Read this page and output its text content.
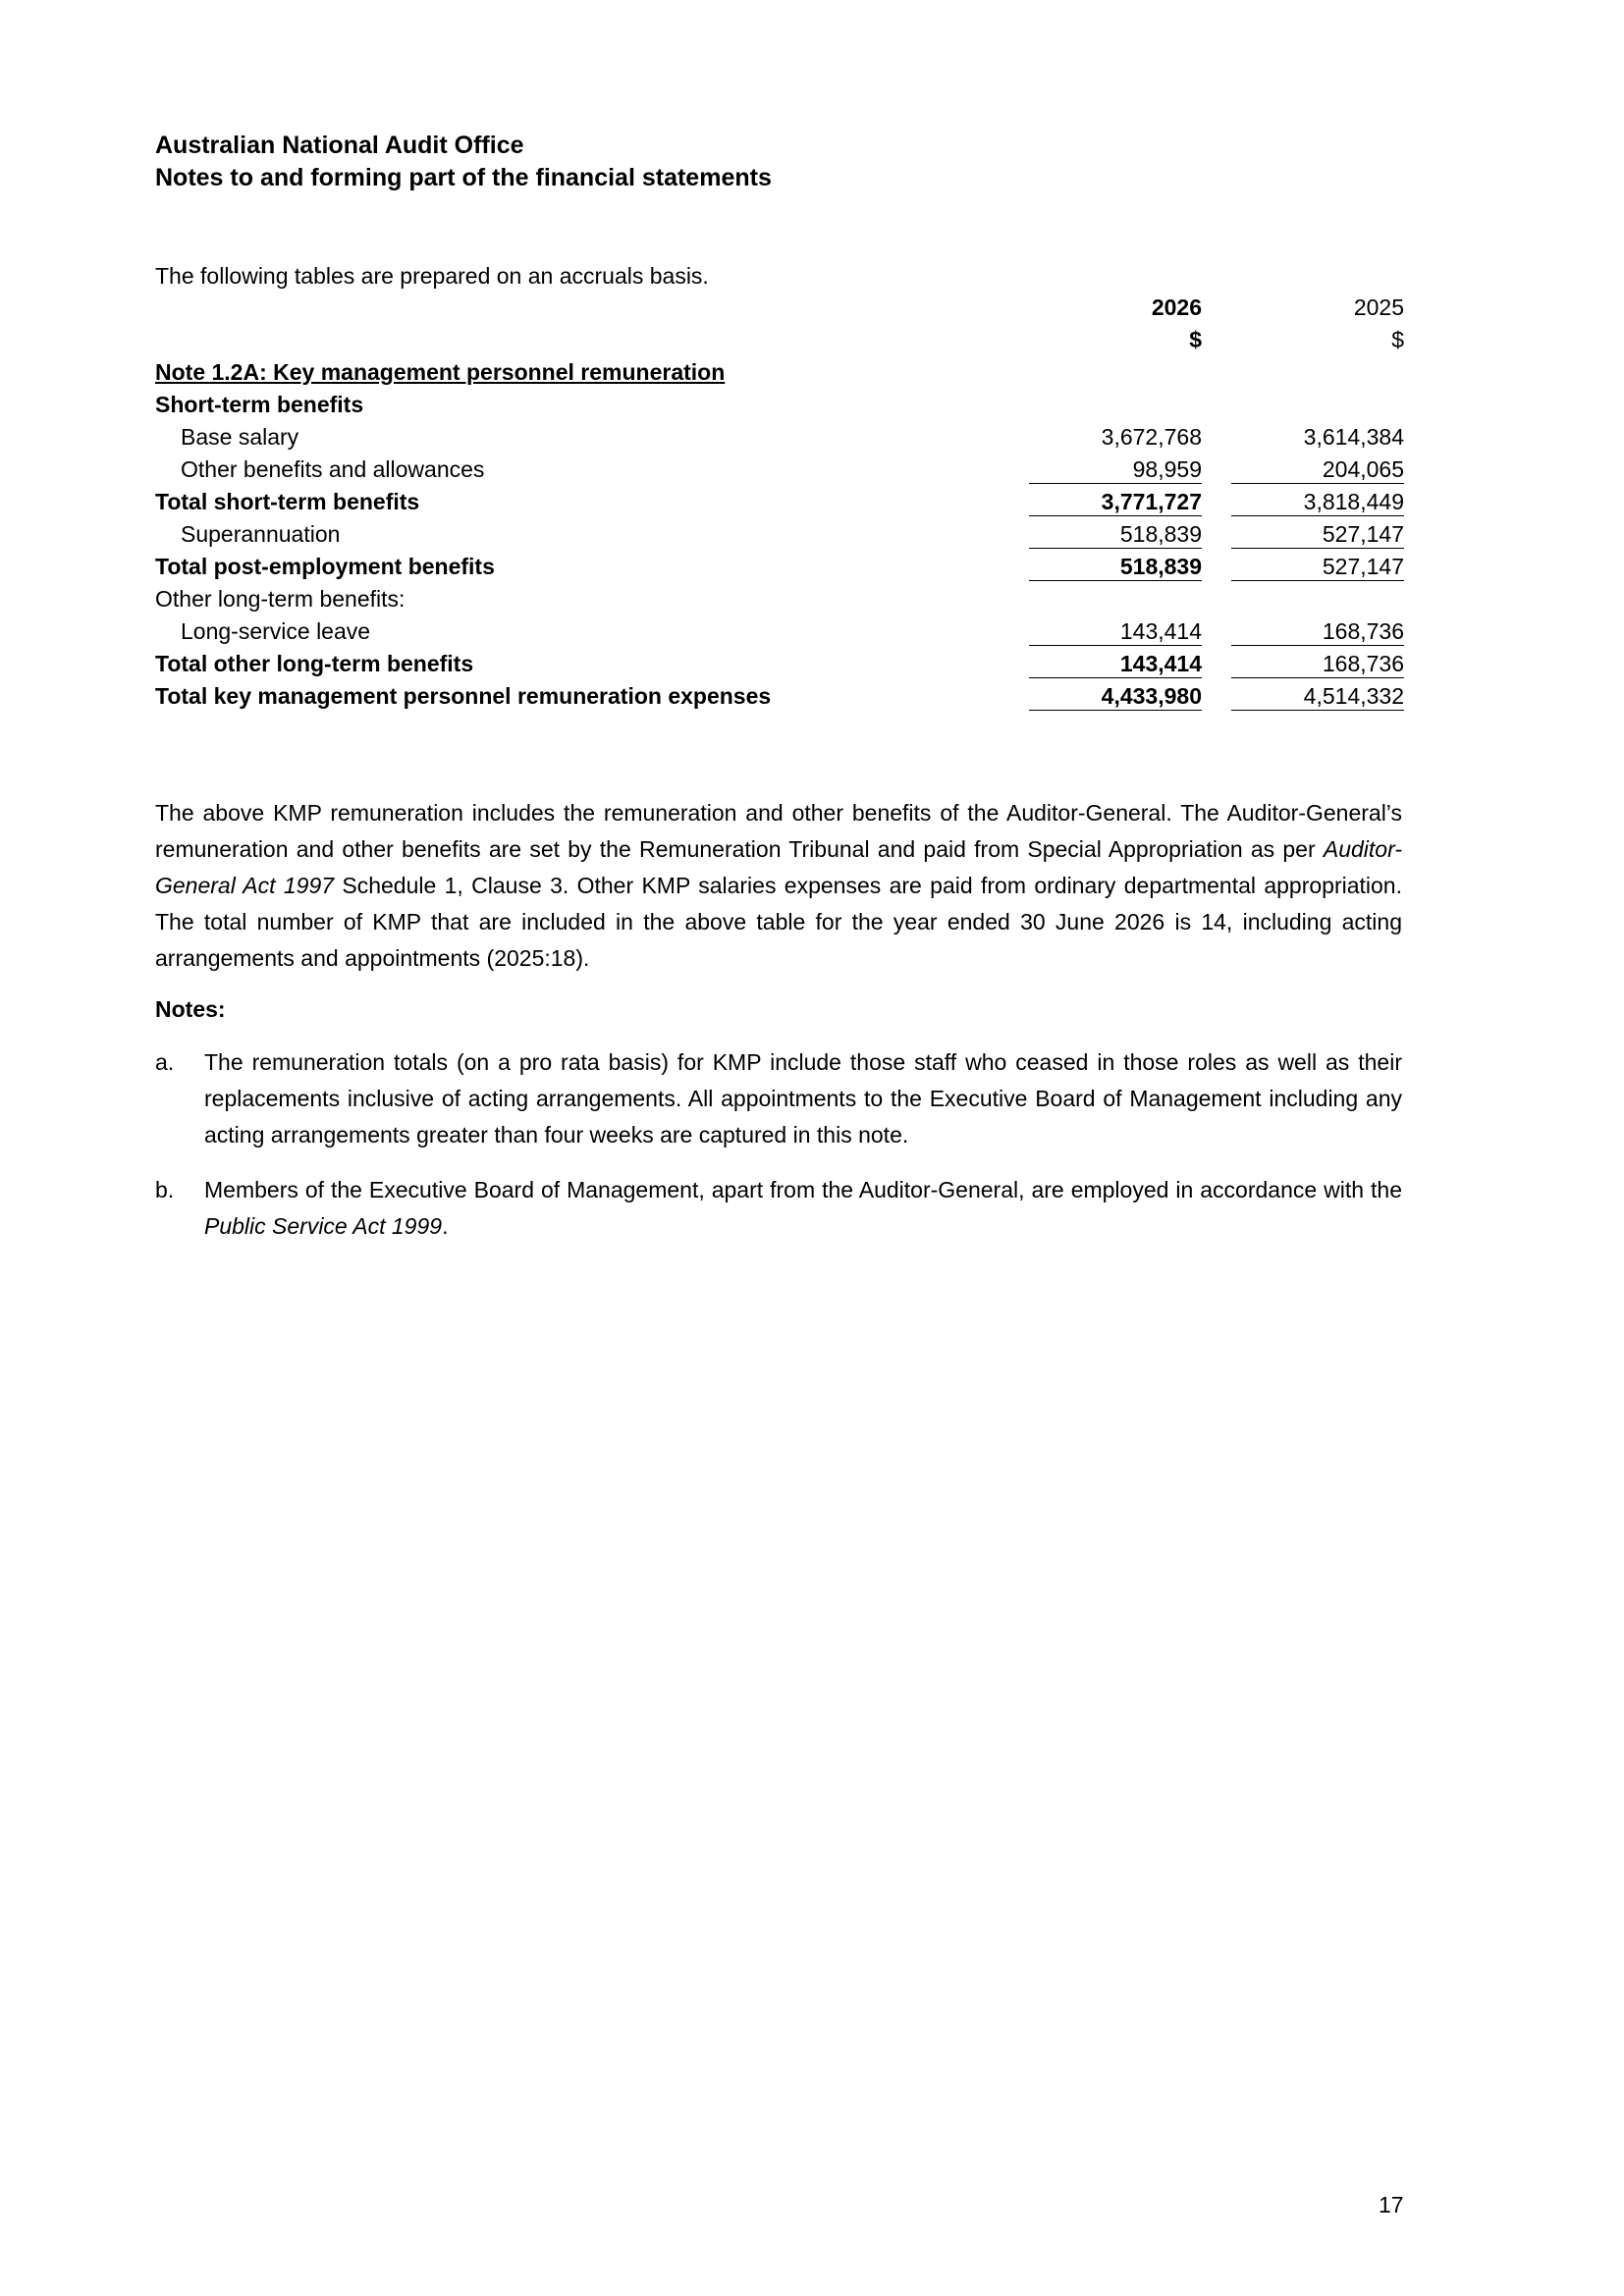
Australian National Audit Office
Notes to and forming part of the financial statements
The following tables are prepared on an accruals basis.
2026	2025
$	$
Note 1.2A: Key management personnel remuneration
Short-term benefits
Base salary	3,672,768	3,614,384
Other benefits and allowances	98,959	204,065
Total short-term benefits	3,771,727	3,818,449
Superannuation	518,839	527,147
Total post-employment benefits	518,839	527,147
Other long-term benefits:
Long-service leave	143,414	168,736
Total other long-term benefits	143,414	168,736
Total key management personnel remuneration expenses	4,433,980	4,514,332

The above KMP remuneration includes the remuneration and other benefits of the Auditor-General. The Auditor-General’s remuneration and other benefits are set by the Remuneration Tribunal and paid from Special Appropriation as per Auditor-General Act 1997 Schedule 1, Clause 3. Other KMP salaries expenses are paid from ordinary departmental appropriation. The total number of KMP that are included in the above table for the year ended 30 June 2026 is 14, including acting arrangements and appointments (2025:18).

Notes:
a. The remuneration totals (on a pro rata basis) for KMP include those staff who ceased in those roles as well as their replacements inclusive of acting arrangements. All appointments to the Executive Board of Management including any acting arrangements greater than four weeks are captured in this note.
b. Members of the Executive Board of Management, apart from the Auditor-General, are employed in accordance with the Public Service Act 1999.
17
